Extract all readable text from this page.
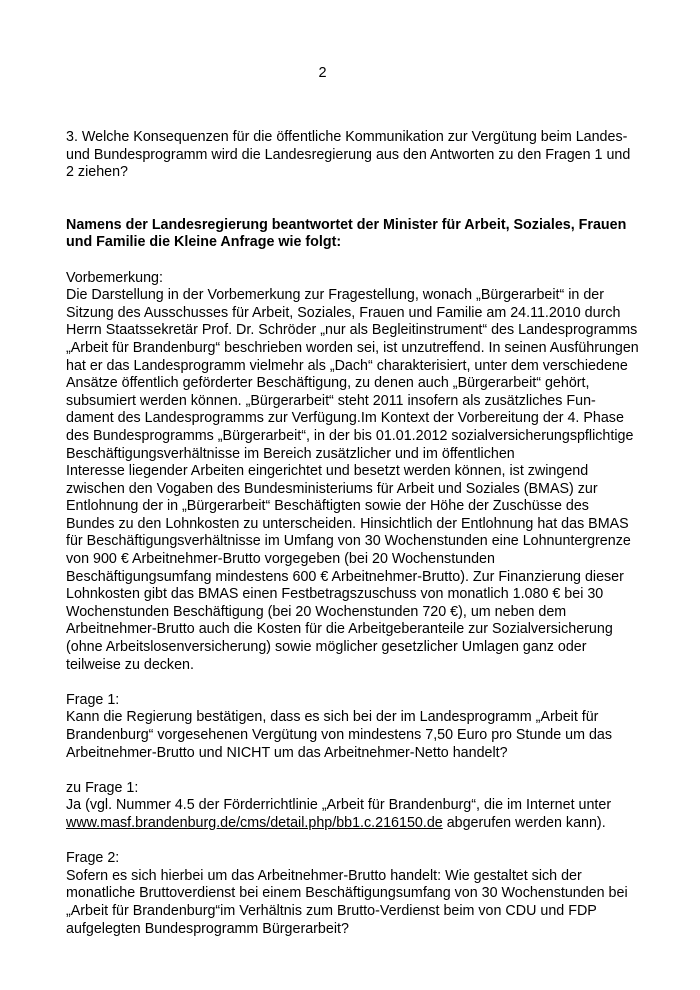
2

3. Welche Konsequenzen für die öffentliche Kommunikation zur Vergütung beim Landes-
und Bundesprogramm wird die Landesregierung aus den Antworten zu den Fragen 1 und
2 ziehen?

Namens der Landesregierung beantwortet der Minister für Arbeit, Soziales, Frauen
und Familie die Kleine Anfrage wie folgt:

Vorbemerkung:
Die Darstellung in der Vorbemerkung zur Fragestellung, wonach „Bürgerarbeit“ in der
Sitzung des Ausschusses für Arbeit, Soziales, Frauen und Familie am 24.11.2010 durch
Herrn Staatssekretär Prof. Dr. Schröder „nur als Begleitinstrument“ des Landesprogramms
„Arbeit für Brandenburg“ beschrieben worden sei, ist unzutreffend. In seinen Ausführungen
hat er das Landesprogramm vielmehr als „Dach“ charakterisiert, unter dem verschiedene
Ansätze öffentlich geförderter Beschäftigung, zu denen auch „Bürgerarbeit“ gehört,
subsumiert werden können. „Bürgerarbeit“ steht 2011 insofern als zusätzliches Fun-
dament des Landesprogramms zur Verfügung.Im Kontext der Vorbereitung der 4. Phase
des Bundesprogramms „Bürgerarbeit“, in der bis 01.01.2012 sozialversicherungspflichtige
Beschäftigungsverhältnisse im Bereich zusätzlicher und im öffentlichen
Interesse liegender Arbeiten eingerichtet und besetzt werden können, ist zwingend
zwischen den Vogaben des Bundesministeriums für Arbeit und Soziales (BMAS) zur
Entlohnung der in „Bürgerarbeit“ Beschäftigten sowie der Höhe der Zuschüsse des
Bundes zu den Lohnkosten zu unterscheiden. Hinsichtlich der Entlohnung hat das BMAS
für Beschäftigungsverhältnisse im Umfang von 30 Wochenstunden eine Lohnuntergrenze
von 900 € Arbeitnehmer-Brutto vorgegeben (bei 20 Wochenstunden
Beschäftigungsumfang mindestens 600 € Arbeitnehmer-Brutto). Zur Finanzierung dieser
Lohnkosten gibt das BMAS einen Festbetragszuschuss von monatlich 1.080 € bei 30
Wochenstunden Beschäftigung (bei 20 Wochenstunden 720 €), um neben dem
Arbeitnehmer-Brutto auch die Kosten für die Arbeitgeberanteile zur Sozialversicherung
(ohne Arbeitslosenversicherung) sowie möglicher gesetzlicher Umlagen ganz oder
teilweise zu decken.

Frage 1:
Kann die Regierung bestätigen, dass es sich bei der im Landesprogramm „Arbeit für
Brandenburg“ vorgesehenen Vergütung von mindestens 7,50 Euro pro Stunde um das
Arbeitnehmer-Brutto und NICHT um das Arbeitnehmer-Netto handelt?

zu Frage 1:
Ja (vgl. Nummer 4.5 der Förderrichtlinie „Arbeit für Brandenburg“, die im Internet unter
www.masf.brandenburg.de/cms/detail.php/bb1.c.216150.de abgerufen werden kann).

Frage 2:
Sofern es sich hierbei um das Arbeitnehmer-Brutto handelt: Wie gestaltet sich der
monatliche Bruttoverdienst bei einem Beschäftigungsumfang von 30 Wochenstunden bei
„Arbeit für Brandenburg“im Verhältnis zum Brutto-Verdienst beim von CDU und FDP
aufgelegten Bundesprogramm Bürgerarbeit?
